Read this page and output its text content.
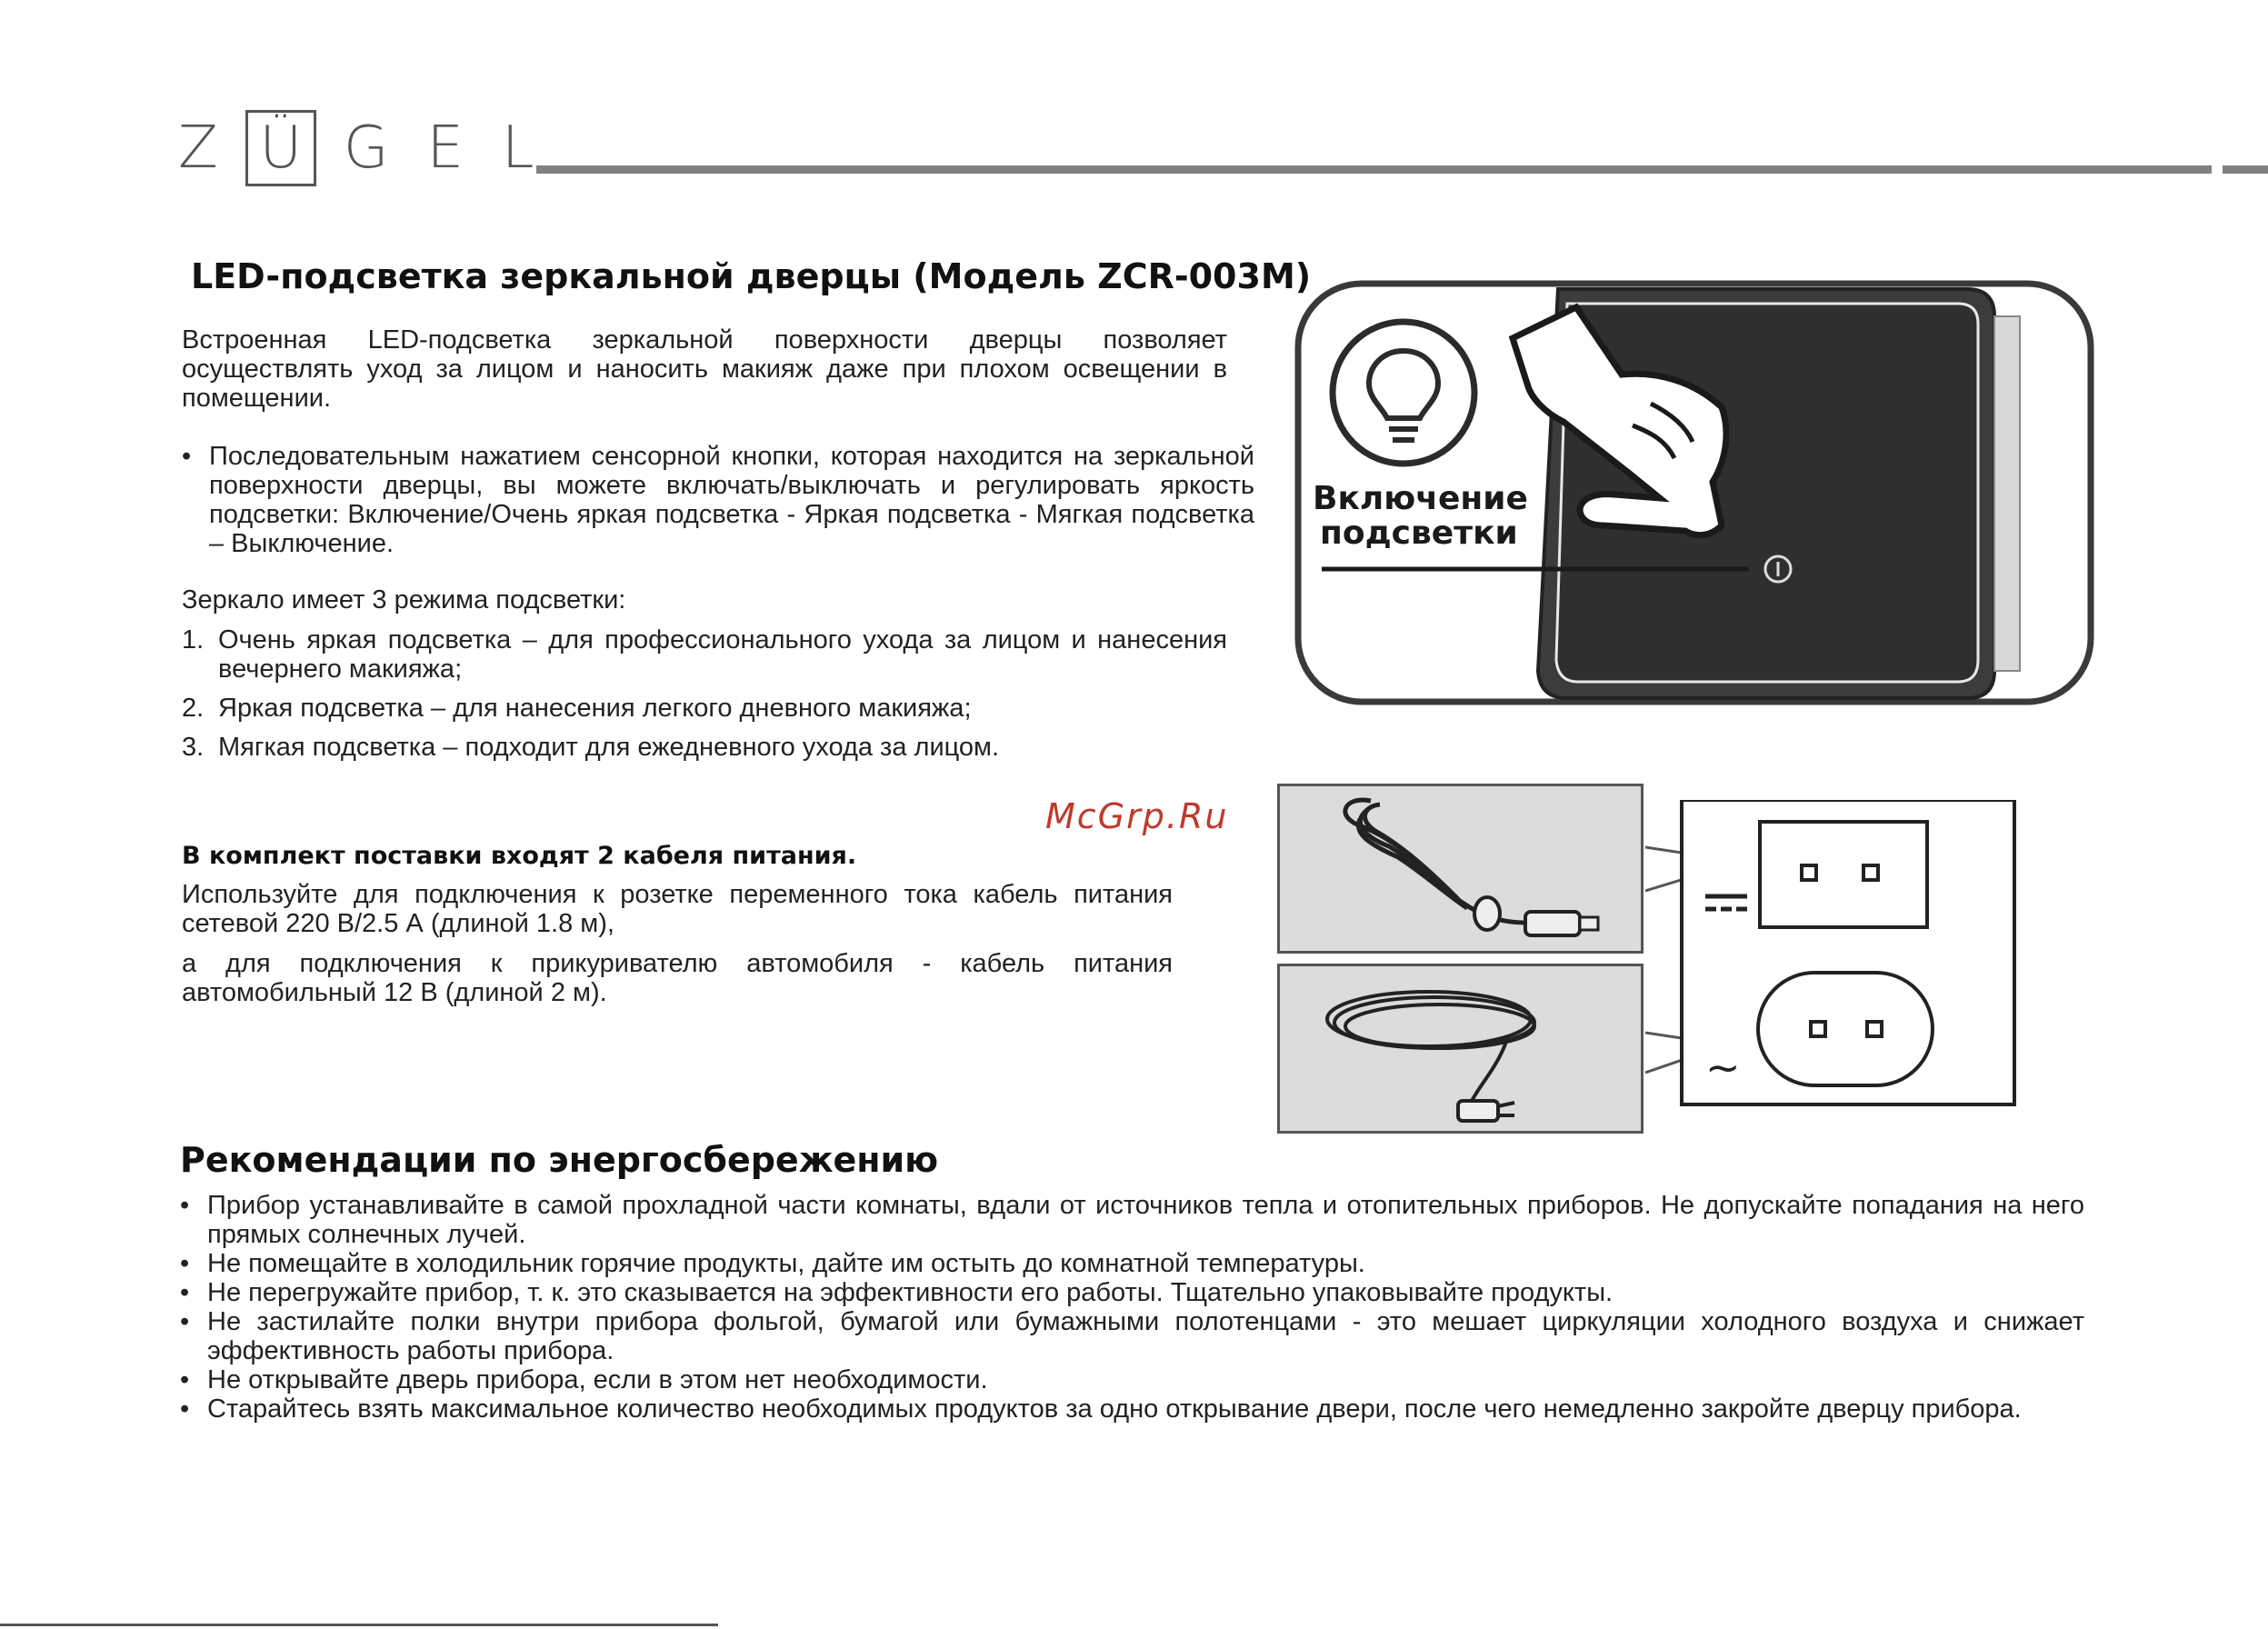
Z Ü G E L
LED-подсветка зеркальной дверцы (Модель ZCR-003M)
Встроенная LED-подсветка зеркальной поверхности дверцы позволяет осуществлять уход за лицом и наносить макияж даже при плохом освещении в помещении.
• Последовательным нажатием сенсорной кнопки, которая находится на зеркальной поверхности дверцы, вы можете включать/выключать и регулировать яркость подсветки: Включение/Очень яркая подсветка - Яркая подсветка - Мягкая подсветка – Выключение.
Зеркало имеет 3 режима подсветки:
1. Очень яркая подсветка – для профессионального ухода за лицом и нанесения вечернего макияжа;
2. Яркая подсветка – для нанесения легкого дневного макияжа;
3. Мягкая подсветка – подходит для ежедневного ухода за лицом.
Включение
подсветки
McGrp.Ru
В комплект поставки входят 2 кабеля питания.
Используйте для подключения к розетке переменного тока кабель питания сетевой 220 В/2.5 А (длиной 1.8 м),
а для подключения к прикуривателю автомобиля - кабель питания автомобильный 12 В (длиной 2 м).
~
Рекомендации по энергосбережению
• Прибор устанавливайте в самой прохладной части комнаты, вдали от источников тепла и отопительных приборов. Не допускайте попадания на него прямых солнечных лучей.
• Не помещайте в холодильник горячие продукты, дайте им остыть до комнатной температуры.
• Не перегружайте прибор, т. к. это сказывается на эффективности его работы. Тщательно упаковывайте продукты.
• Не застилайте полки внутри прибора фольгой, бумагой или бумажными полотенцами - это мешает циркуляции холодного воздуха и снижает эффективность работы прибора.
• Не открывайте дверь прибора, если в этом нет необходимости.
• Старайтесь взять максимальное количество необходимых продуктов за одно открывание двери, после чего немедленно закройте дверцу прибора.
